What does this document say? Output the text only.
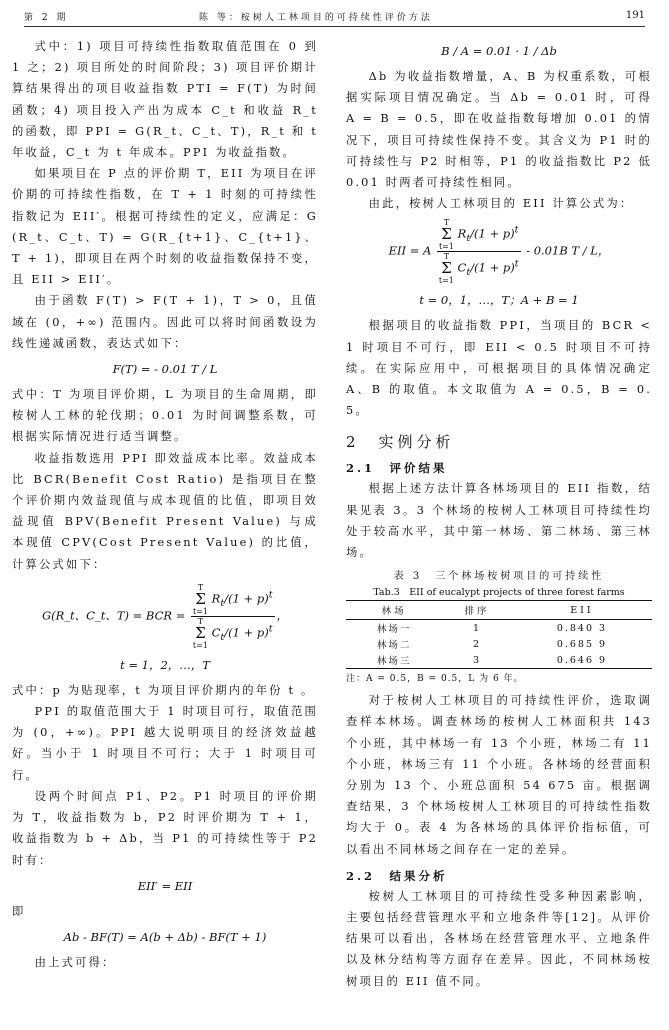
第 2 期	陈 等：桉树人工林项目的可持续性评价方法	191

式中：1) 项目可持续性指数取值范围在 0 到 1 之；2) 项目所处的时间阶段；3) 项目评价期计算结果得出的项目收益指数 PTI = F(T) 为时间函数；4) 项目投入产出为成本 C_t 和收益 R_t 的函数，即 PPI = G(R_t、C_t、T)，R_t 和 t 年收益，C_t 为 t 年成本。PPI 为收益指数。

如果项目在 P 点的评价期 T，EII 为项目在评价期的可持续性指数，在 T + 1 时刻的可持续性指数记为 EII′。根据可持续性的定义，应满足：G(R_t、C_t、T) = G(R_{t+1}、C_{t+1}、T + 1)，即项目在两个时刻的收益指数保持不变，且 EII > EII′。

由于函数 F(T) > F(T + 1)，T > 0，且值域在 (0，+∞) 范围内。因此可以将时间函数设为线性递减函数，表达式如下：

F(T) = - 0.01 T / L

式中：T 为项目评价期，L 为项目的生命周期，即桉树人工林的轮伐期；0.01 为时间调整系数，可根据实际情况进行适当调整。

收益指数选用 PPI 即效益成本比率。效益成本比 BCR(Benefit Cost Ratio) 是指项目在整个评价期内效益现值与成本现值的比值，即项目效益现值 BPV(Benefit Present Value) 与成本现值 CPV(Cost Present Value) 的比值，计算公式如下：

G(R_t、C_t、T) = BCR = T
Σ
t=1 $R_t/(1 + p)^t$
T
Σ
t=1 $C_t/(1 + p)^t$ ，
t = 1，2，…，T

式中：p 为贴现率，t 为项目评价期内的年份 t 。

PPI 的取值范围大于 1 时项目可行，取值范围为 (0，+∞)。PPI 越大说明项目的经济效益越好。当小于 1 时项目不可行；大于 1 时项目可行。

设两个时间点 P1、P2。P1 时项目的评价期为 T，收益指数为 b，P2 时评价期为 T + 1，收益指数为 b + Δb，当 P1 的可持续性等于 P2 时有：

EII′ = EII

即

Ab - BF(T) = A(b + Δb) - BF(T + 1)

由上式可得：

B / A = 0.01 · 1 / Δb

Δb 为收益指数增量，A、B 为权重系数，可根据实际项目情况确定。当 Δb = 0.01 时，可得 A = B = 0.5，即在收益指数每增加 0.01 的情况下，项目可持续性保持不变。其含义为 P1 时的可持续性与 P2 时相等，P1 的收益指数比 P2 低 0.01 时两者可持续性相同。

由此，桉树人工林项目的 EII 计算公式为：

EII = A T
Σ
t=1 $R_t/(1 + p)^t$
T
Σ
t=1 $C_t/(1 + p)^t - 0.01B$ T / L，
t = 0，1，…，T；A + B = 1

根据项目的收益指数 PPI，当项目的 BCR < 1 时项目不可行，即 EII < 0.5 时项目不可持续。在实际应用中，可根据项目的具体情况确定 A、B 的取值。本文取值为 A = 0.5，B = 0.5。

2　实例分析
2.1　评价结果

根据上述方法计算各林场项目的 EII 指数，结果见表 3。3 个林场的桉树人工林项目可持续性均处于较高水平，其中第一林场、第二林场、第三林场。

表 3　三个林场桉树项目的可持续性
Tab.3　EII of eucalypt projects of three forest farms
林场	排序	EII
林场一	1	0.840 3
林场二	2	0.685 9
林场三	3	0.646 9
注：A = 0.5，B = 0.5，L 为 6 年。

对于桉树人工林项目的可持续性评价，选取调查样本林场。调查林场的桉树人工林面积共 143 个小班，其中林场一有 13 个小班，林场二有 11 个小班，林场三有 11 个小班。各林场的经营面积分别为 13 个、小班总面积 54 675 亩。根据调查结果，3 个林场桉树人工林项目的可持续性指数均大于 0。表 4 为各林场的具体评价指标值，可以看出不同林场之间存在一定的差异。

2.2　结果分析

桉树人工林项目的可持续性受多种因素影响，主要包括经营管理水平和立地条件等[12]。从评价结果可以看出，各林场在经营管理水平、立地条件以及林分结构等方面存在差异。因此，不同林场桉树项目的 EII 值不同。
